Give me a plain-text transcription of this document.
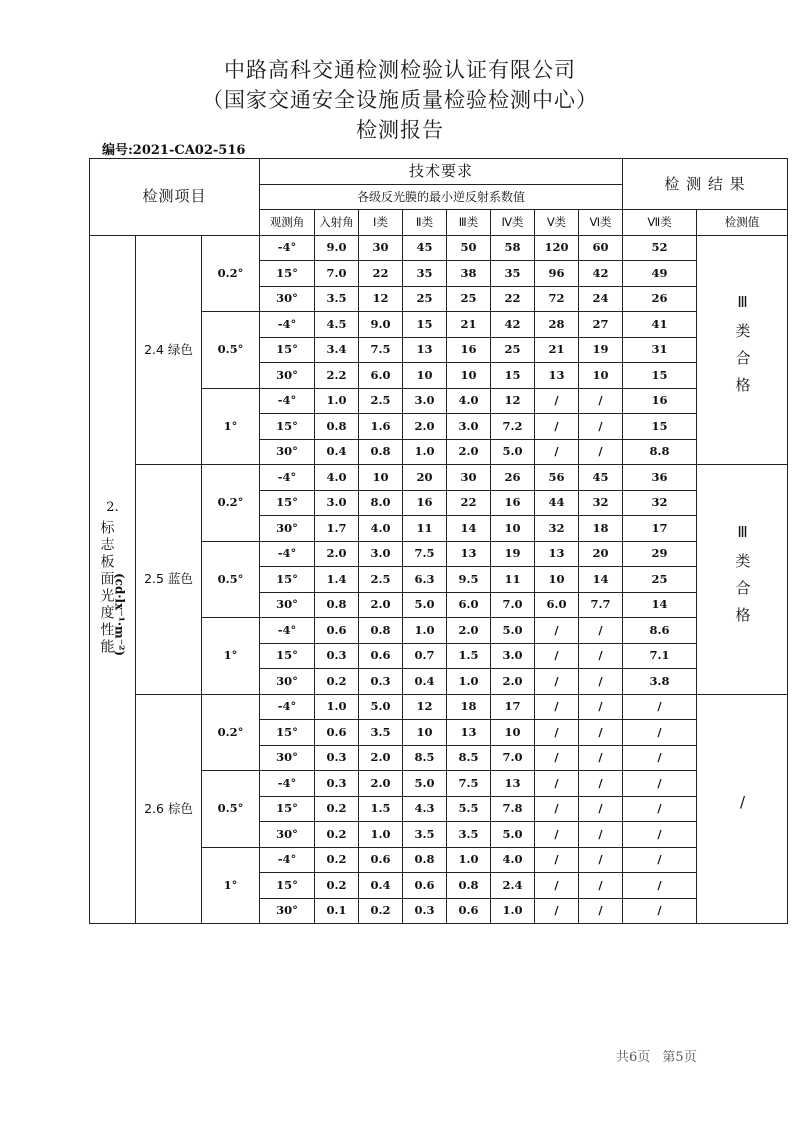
中路高科交通检测检验认证有限公司
（国家交通安全设施质量检验检测中心）
检测报告
编号:2021-CA02-516
检测项目			技术要求								检 测 结 果		
			各级反光膜的最小逆反射系数值										
			观测角	入射角	Ⅰ类	Ⅱ类	Ⅲ类	Ⅳ类	Ⅴ类	Ⅵ类	Ⅶ类	检测值	

2.
标志板面光度性能(cd·lx⁻¹·m⁻²)	2.4 绿色	0.2°	-4°	9.0	30	45	50	58	120	60	52	Ⅲ类合格	
			15°	7.0	22	35	38	35	96	42	49		
			30°	3.5	12	25	25	22	72	24	26		
		0.5°	-4°	4.5	9.0	15	21	42	28	27	41		
			15°	3.4	7.5	13	16	25	21	19	31		
			30°	2.2	6.0	10	10	15	13	10	15		
		1°	-4°	1.0	2.5	3.0	4.0	12	/	/	16		
			15°	0.8	1.6	2.0	3.0	7.2	/	/	15		
			30°	0.4	0.8	1.0	2.0	5.0	/	/	8.8		
	2.5 蓝色	0.2°	-4°	4.0	10	20	30	26	56	45	36	Ⅲ类合格	
			15°	3.0	8.0	16	22	16	44	32	32		
			30°	1.7	4.0	11	14	10	32	18	17		
		0.5°	-4°	2.0	3.0	7.5	13	19	13	20	29		
			15°	1.4	2.5	6.3	9.5	11	10	14	25		
			30°	0.8	2.0	5.0	6.0	7.0	6.0	7.7	14		
		1°	-4°	0.6	0.8	1.0	2.0	5.0	/	/	8.6		
			15°	0.3	0.6	0.7	1.5	3.0	/	/	7.1		
			30°	0.2	0.3	0.4	1.0	2.0	/	/	3.8		
	2.6 棕色	0.2°	-4°	1.0	5.0	12	18	17	/	/	/	/	
			15°	0.6	3.5	10	13	10	/	/	/		
			30°	0.3	2.0	8.5	8.5	7.0	/	/	/		
		0.5°	-4°	0.3	2.0	5.0	7.5	13	/	/	/		
			15°	0.2	1.5	4.3	5.5	7.8	/	/	/		
			30°	0.2	1.0	3.5	3.5	5.0	/	/	/		
		1°	-4°	0.2	0.6	0.8	1.0	4.0	/	/	/		
			15°	0.2	0.4	0.6	0.8	2.4	/	/	/		
			30°	0.1	0.2	0.3	0.6	1.0	/	/	/		
共6页 第5页
